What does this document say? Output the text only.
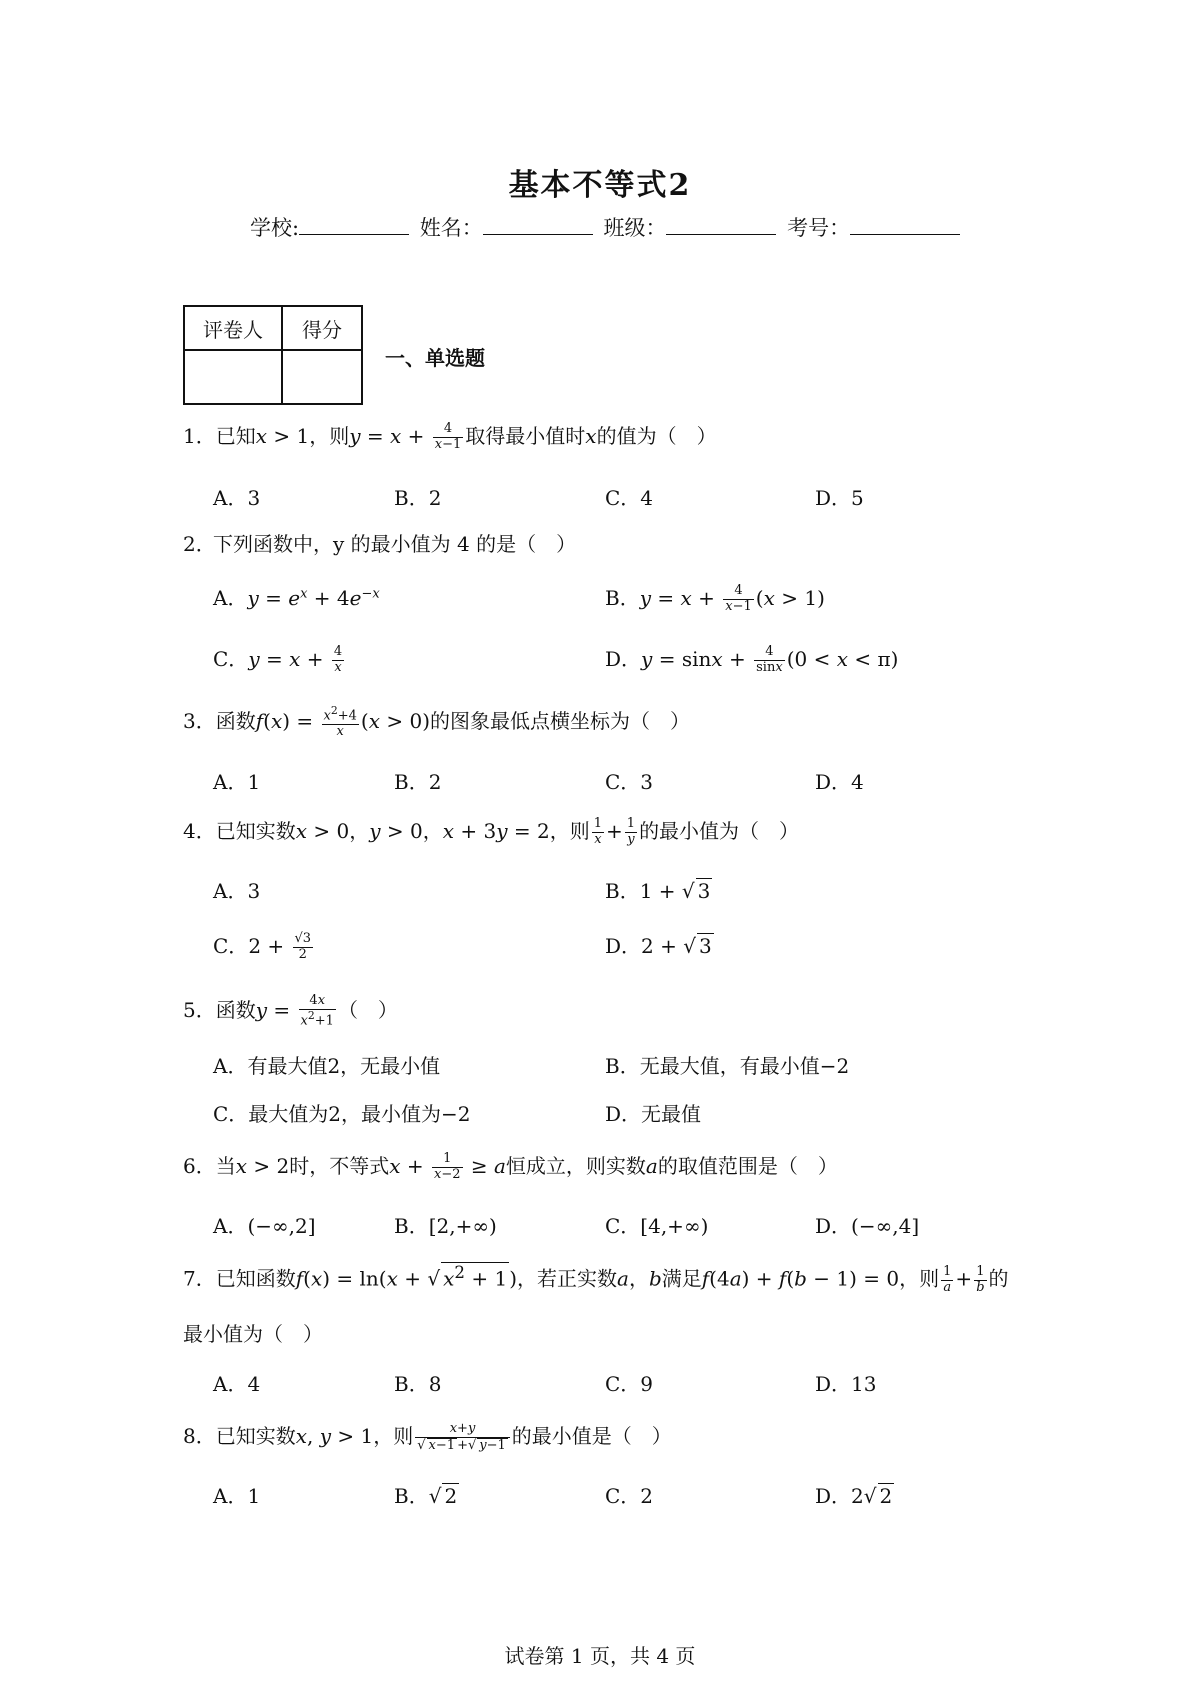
基本不等式2
学校:	姓名：	班级：	考号：
评卷人	得分

一、单选题
1．已知x > 1，则$y = x + \frac{4}{x-1}$ 取得最小值时x的值为（　）
A．3	B．2	C．4	D．5
2．
下列函数中，y 的最小值为 4 的是（　）
A．$y = e^x + 4e^{-x}$	B．$y = x + \frac{4}{x-1} (x > 1)$
C．$y = x + \frac{4}{x}$	D．$y = \sin x + \frac{4}{\sin x} (0 < x < \pi)$
3．函数$f(x) = \frac{x^2+4}{x} (x > 0)$的图象最低点横坐标为（　）
A．1	B．2	C．3	D．4
4．已知实数x > 0，y > 0，x + 3y = 2，则 $\frac{1}{x} + \frac{1}{y}$ 的最小值为（　）
A．3	B．1 + √ 3
C．$2 + \frac{√3}{2}$	D．2 + √ 3
5．函数$y = \frac{4x}{x^2+1}$ （　）
A．有最大值2，无最小值	B．无最大值，有最小值−2
C．最大值为2，最小值为−2	D．无最值
6．当x > 2时，不等式$x + \frac{1}{x-2} \ge a$恒成立，则实数a的取值范围是（　）
A．(−∞,2]	B．[2,+∞)	C．[4,+∞)	D．(−∞,4]
7．已知函数f(x) = ln(x + √ $x^2 + 1$ )，若正实数a，b满足f(4a) + f(b − 1) = 0，则 $\frac{1}{a} + \frac{1}{b}$ 的
最小值为（　）
A．4	B．8	C．9	D．13
8．已知实数x, y > 1，则 $\frac{x+y}{√ x-1 +√ y-1}$ 的最小值是（　）
A．1	B．√ 2	C．2	D．2√ 2
试卷第 1 页，共 4 页
